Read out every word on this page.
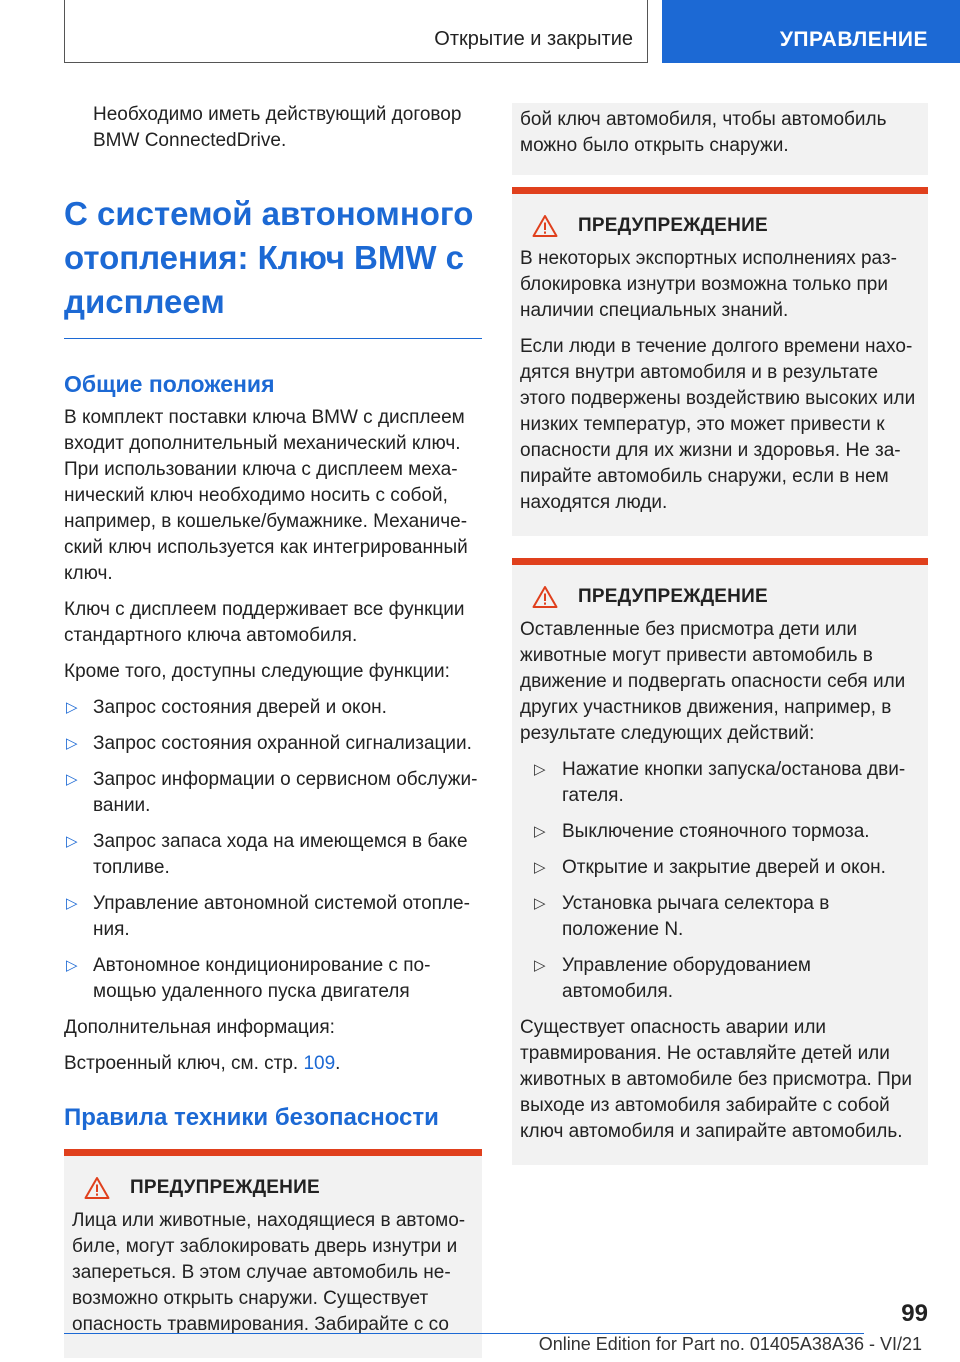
Открытие и закрытие	УПРАВЛЕНИЕ

Необходимо иметь действующий договор BMW ConnectedDrive.

С системой автономного отопления: Ключ BMW с дисплеем
Общие положения

В комплект поставки ключа BMW с дисплеем входит дополнительный механический ключ. При использовании ключа с дисплеем механический ключ необходимо носить с собой, например, в кошельке/бумажнике. Механический ключ используется как интегрированный ключ.

Ключ с дисплеем поддерживает все функции стандартного ключа автомобиля.

Кроме того, доступны следующие функции:

▷ Запрос состояния дверей и окон.
▷ Запрос состояния охранной сигнализации.
▷ Запрос информации о сервисном обслуживании.
▷ Запрос запаса хода на имеющемся в баке топливе.
▷ Управление автономной системой отопления.
▷ Автономное кондиционирование с помощью удаленного пуска двигателя

Дополнительная информация:

Встроенный ключ, см. стр. 109.

Правила техники безопасности
ПРЕДУПРЕЖДЕНИЕ

Лица или животные, находящиеся в автомобиле, могут заблокировать дверь изнутри и запереться. В этом случае автомобиль невозможно открыть снаружи. Существует опасность травмирования. Забирайте с со

бой ключ автомобиля, чтобы автомобиль можно было открыть снаружи.

ПРЕДУПРЕЖДЕНИЕ

В некоторых экспортных исполнениях разблокировка изнутри возможна только при наличии специальных знаний.

Если люди в течение долгого времени находятся внутри автомобиля и в результате этого подвержены воздействию высоких или низких температур, это может привести к опасности для их жизни и здоровья. Не запирайте автомобиль снаружи, если в нем находятся люди.

ПРЕДУПРЕЖДЕНИЕ

Оставленные без присмотра дети или животные могут привести автомобиль в движение и подвергать опасности себя или других участников движения, например, в результате следующих действий:

▷ Нажатие кнопки запуска/останова двигателя.
▷ Выключение стояночного тормоза.
▷ Открытие и закрытие дверей и окон.
▷ Установка рычага селектора в положение N.
▷ Управление оборудованием автомобиля.

Существует опасность аварии или травмирования. Не оставляйте детей или животных в автомобиле без присмотра. При выходе из автомобиля забирайте с собой ключ автомобиля и запирайте автомобиль.

99
Online Edition for Part no. 01405A38A36 - VI/21
